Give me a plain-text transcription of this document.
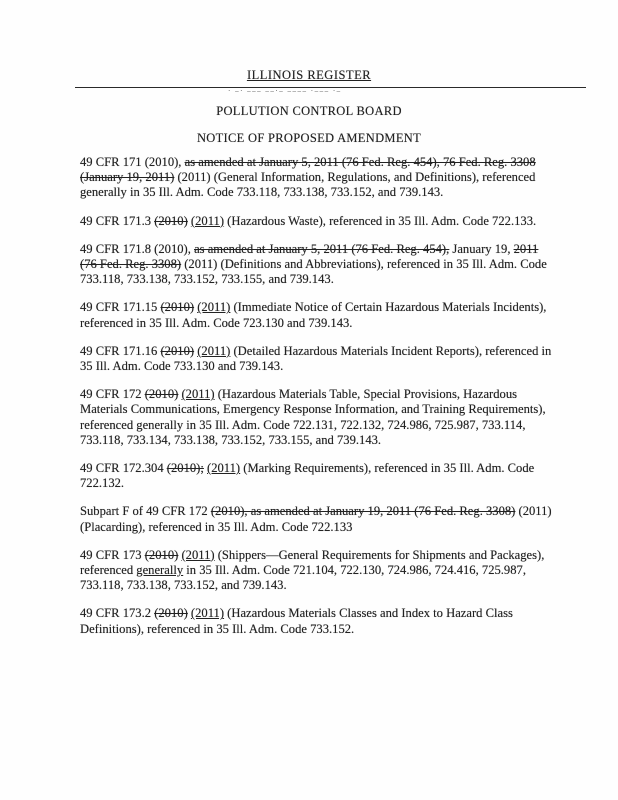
ILLINOIS REGISTER
· –· ––– ––·– –––– ·––– ·–
POLLUTION CONTROL BOARD
NOTICE OF PROPOSED AMENDMENT

49 CFR 171 (2010), as amended at January 5, 2011 (76 Fed. Reg. 454), 76 Fed. Reg. 3308 (January 19, 2011) (2011) (General Information, Regulations, and Definitions), referenced generally in 35 Ill. Adm. Code 733.118, 733.138, 733.152, and 739.143.

49 CFR 171.3 (2010) (2011) (Hazardous Waste), referenced in 35 Ill. Adm. Code 722.133.

49 CFR 171.8 (2010), as amended at January 5, 2011 (76 Fed. Reg. 454), January 19, 2011 (76 Fed. Reg. 3308) (2011) (Definitions and Abbreviations), referenced in 35 Ill. Adm. Code 733.118, 733.138, 733.152, 733.155, and 739.143.

49 CFR 171.15 (2010) (2011) (Immediate Notice of Certain Hazardous Materials Incidents), referenced in 35 Ill. Adm. Code 723.130 and 739.143.

49 CFR 171.16 (2010) (2011) (Detailed Hazardous Materials Incident Reports), referenced in 35 Ill. Adm. Code 733.130 and 739.143.

49 CFR 172 (2010) (2011) (Hazardous Materials Table, Special Provisions, Hazardous Materials Communications, Emergency Response Information, and Training Requirements), referenced generally in 35 Ill. Adm. Code 722.131, 722.132, 724.986, 725.987, 733.114, 733.118, 733.134, 733.138, 733.152, 733.155, and 739.143.

49 CFR 172.304 (2010); (2011) (Marking Requirements), referenced in 35 Ill. Adm. Code 722.132.

Subpart F of 49 CFR 172 (2010), as amended at January 19, 2011 (76 Fed. Reg. 3308) (2011) (Placarding), referenced in 35 Ill. Adm. Code 722.133

49 CFR 173 (2010) (2011) (Shippers—General Requirements for Shipments and Packages), referenced generally in 35 Ill. Adm. Code 721.104, 722.130, 724.986, 724.416, 725.987, 733.118, 733.138, 733.152, and 739.143.

49 CFR 173.2 (2010) (2011) (Hazardous Materials Classes and Index to Hazard Class Definitions), referenced in 35 Ill. Adm. Code 733.152.
